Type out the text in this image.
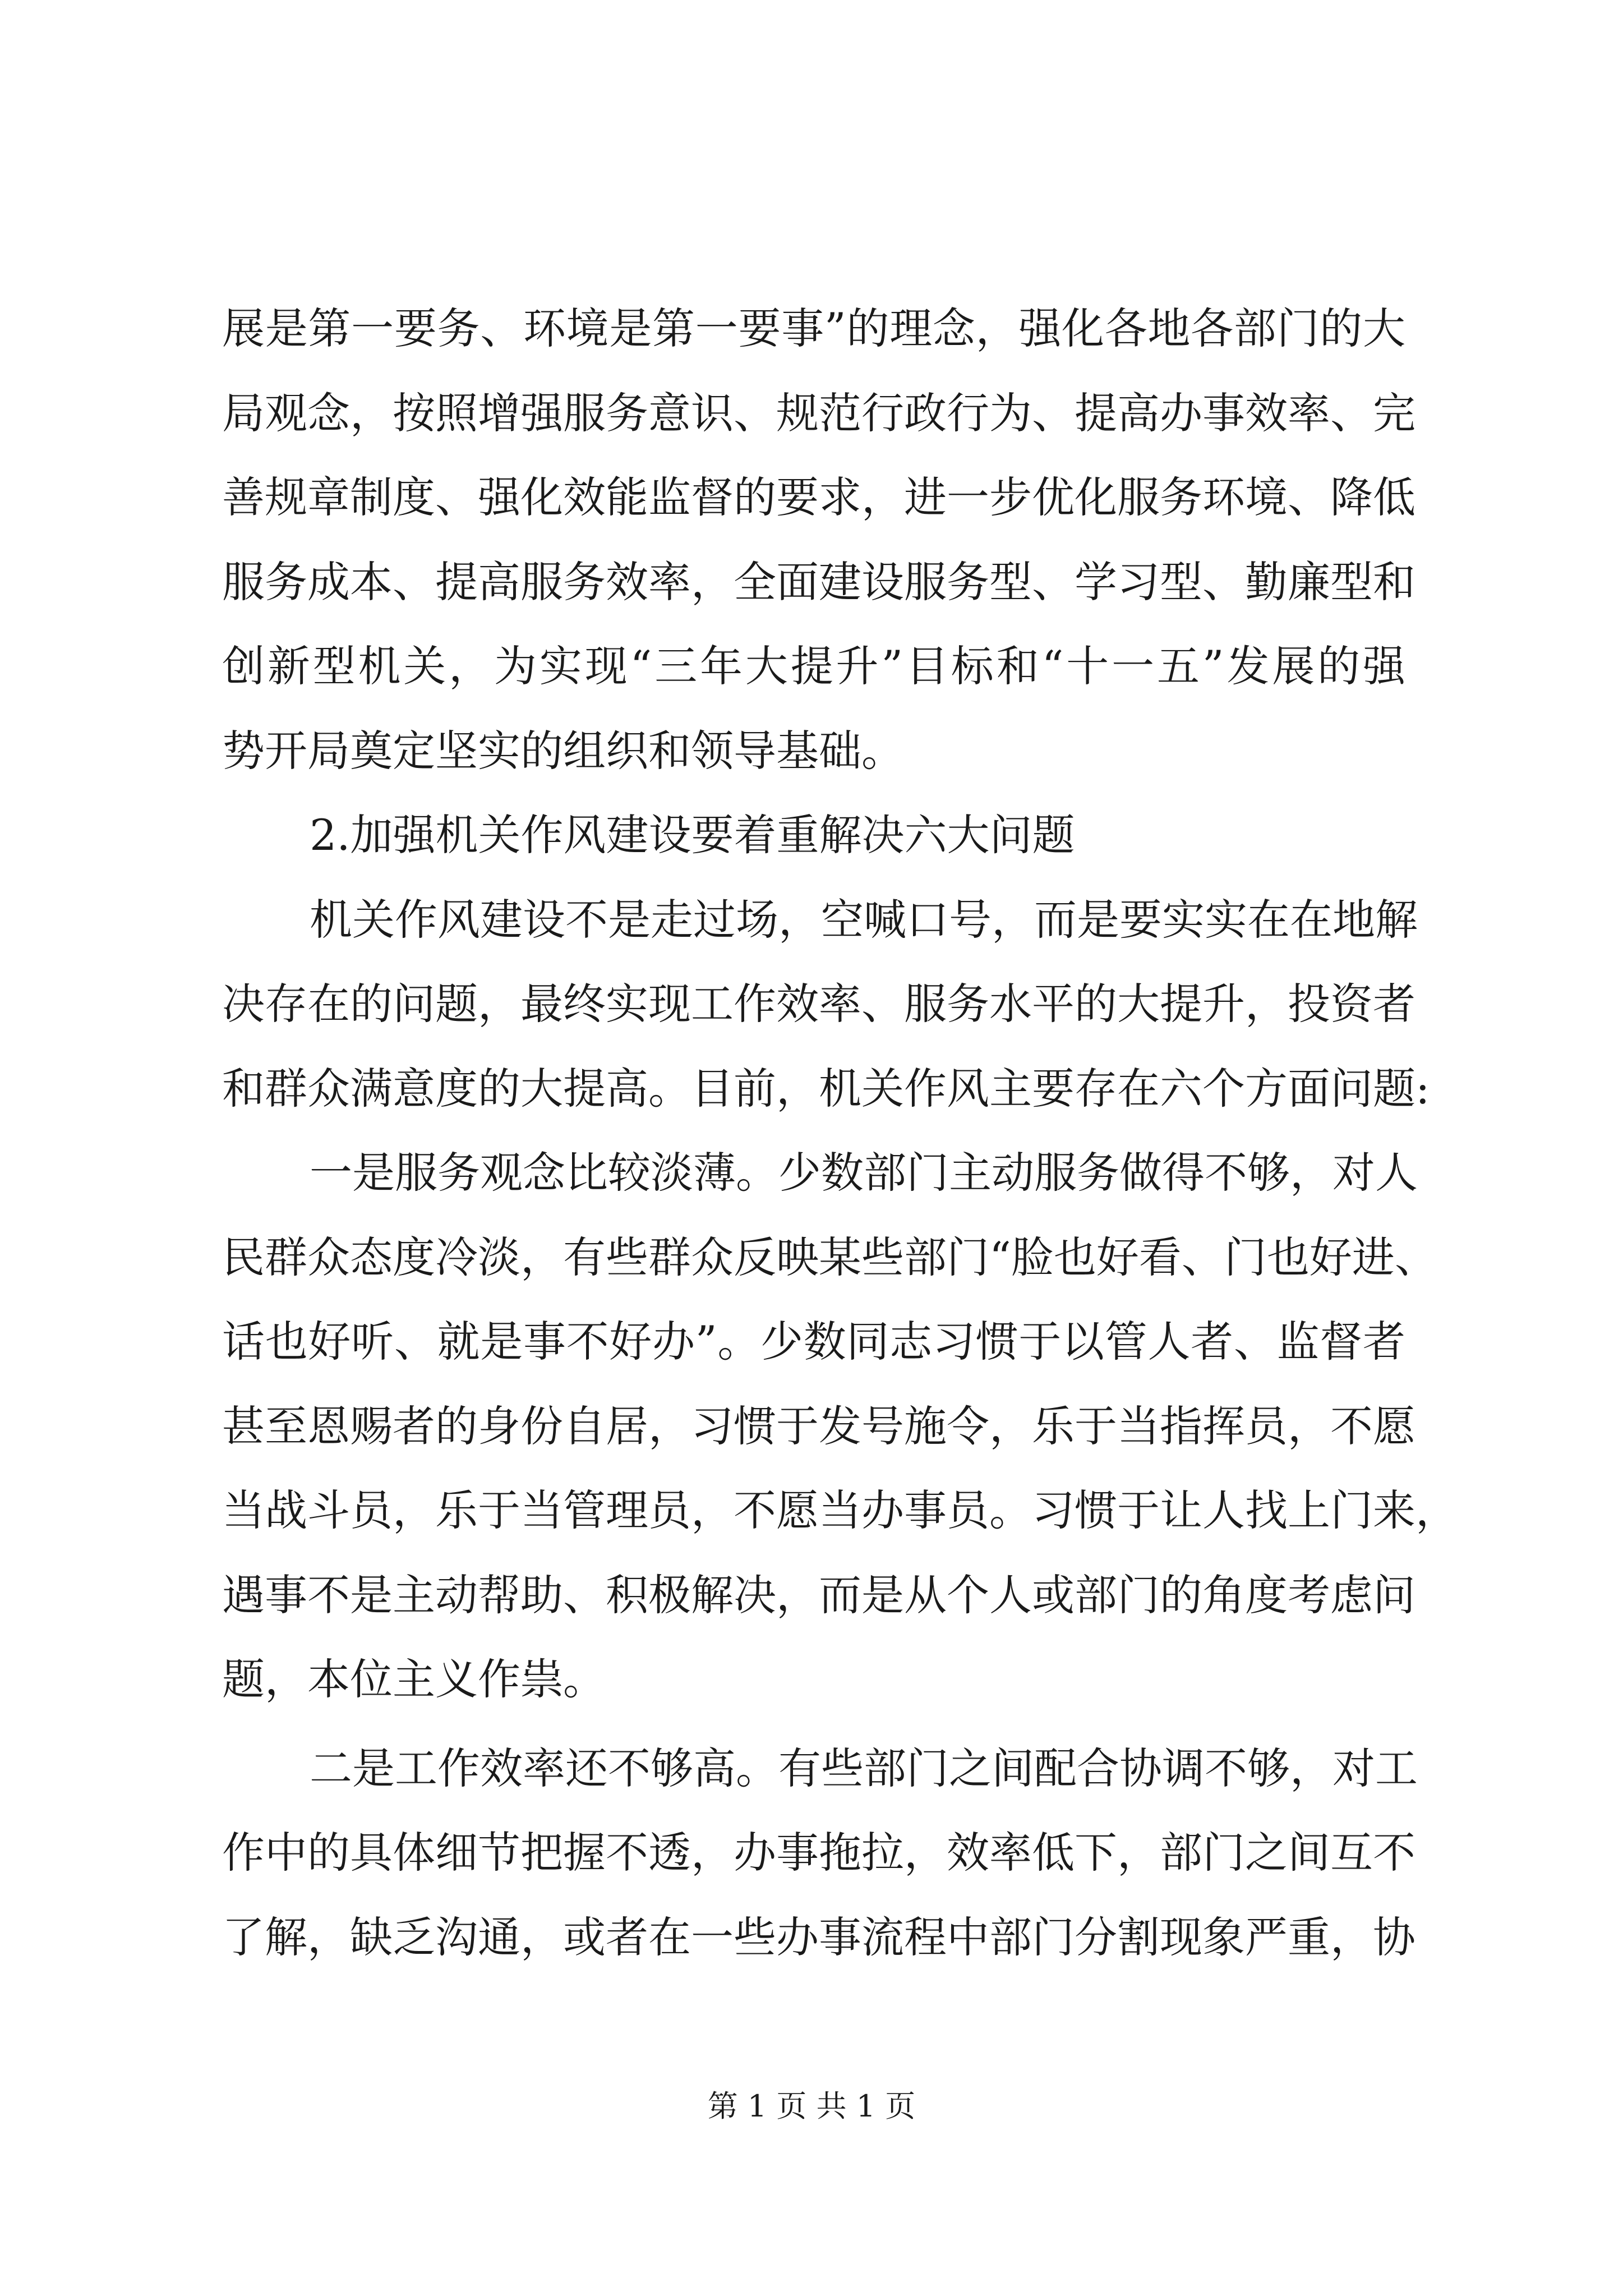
展是第一要务、环境是第一要事”的理念，强化各地各部门的大

局观念，按照增强服务意识、规范行政行为、提高办事效率、完

善规章制度、强化效能监督的要求，进一步优化服务环境、降低

服务成本、提高服务效率，全面建设服务型、学习型、勤廉型和

创新型机关，为实现“三年大提升”目标和“十一五”发展的强

势开局奠定坚实的组织和领导基础。

2.加强机关作风建设要着重解决六大问题

机关作风建设不是走过场，空喊口号，而是要实实在在地解

决存在的问题，最终实现工作效率、服务水平的大提升，投资者

和群众满意度的大提高。目前，机关作风主要存在六个方面问题:

一是服务观念比较淡薄。少数部门主动服务做得不够，对人

民群众态度冷淡，有些群众反映某些部门“脸也好看、门也好进、

话也好听、就是事不好办”。少数同志习惯于以管人者、监督者

甚至恩赐者的身份自居，习惯于发号施令，乐于当指挥员，不愿

当战斗员，乐于当管理员，不愿当办事员。习惯于让人找上门来，

遇事不是主动帮助、积极解决，而是从个人或部门的角度考虑问

题，本位主义作祟。

二是工作效率还不够高。有些部门之间配合协调不够，对工

作中的具体细节把握不透，办事拖拉，效率低下，部门之间互不

了解，缺乏沟通，或者在一些办事流程中部门分割现象严重，协

第 1 页 共 1 页
